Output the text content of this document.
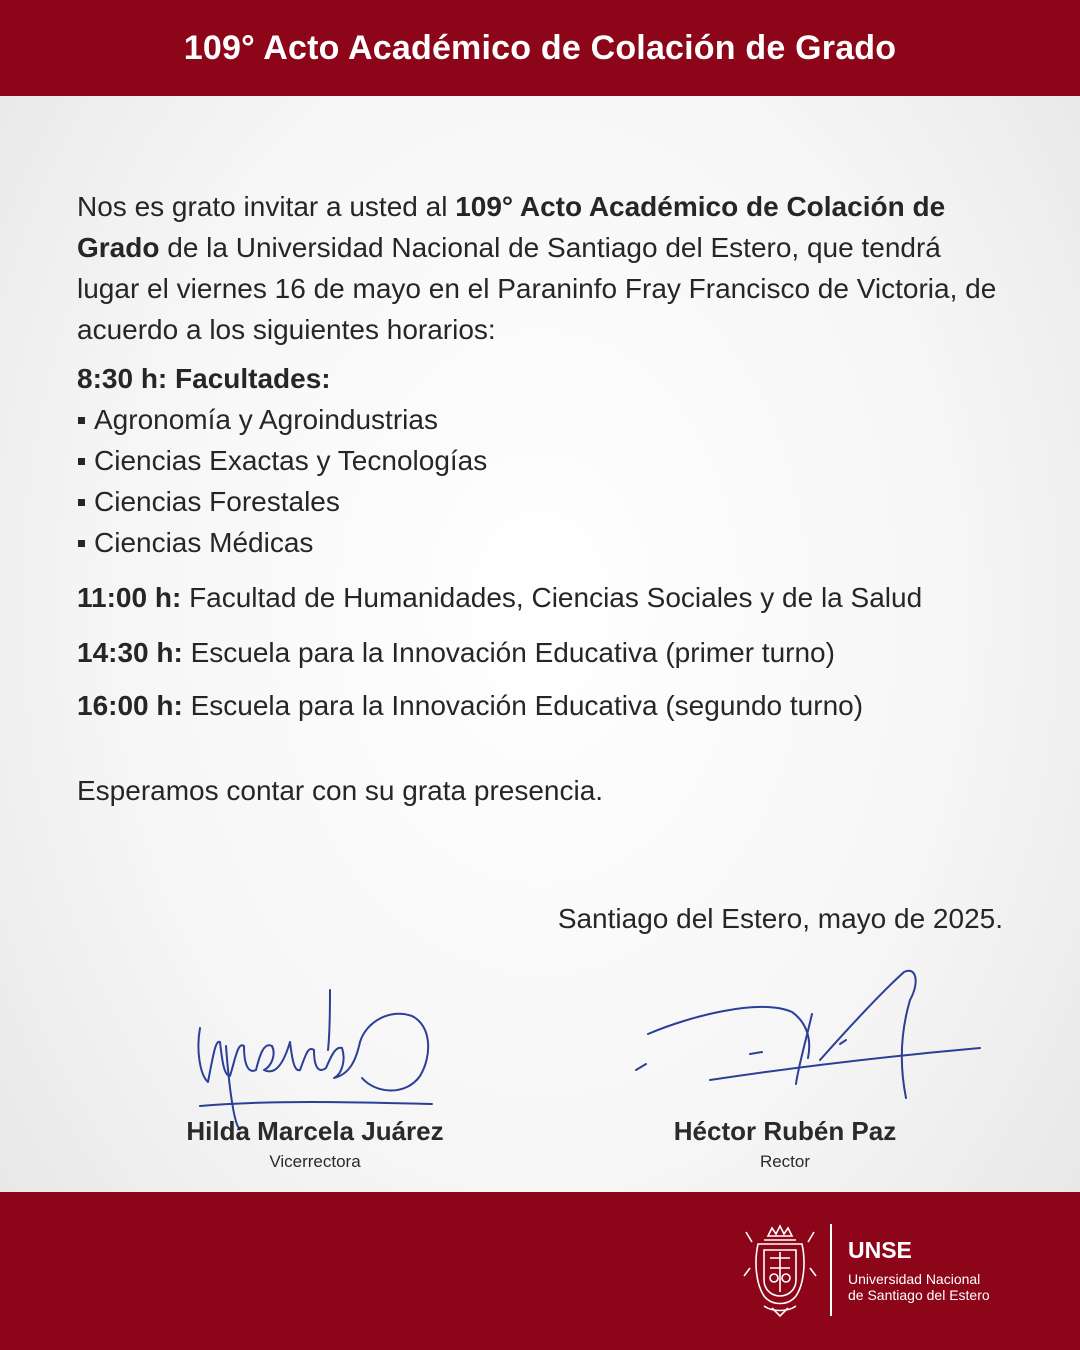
109° Acto Académico de Colación de Grado

Nos es grato invitar a usted al 109° Acto Académico de Colación de Grado de la Universidad Nacional de Santiago del Estero, que tendrá lugar el viernes 16 de mayo en el Paraninfo Fray Francisco de Victoria, de acuerdo a los siguientes horarios:

8:30 h: Facultades:

Agronomía y Agroindustrias
Ciencias Exactas y Tecnologías
Ciencias Forestales
Ciencias Médicas

11:00 h: Facultad de Humanidades, Ciencias Sociales y de la Salud

14:30 h: Escuela para la Innovación Educativa (primer turno)

16:00 h: Escuela para la Innovación Educativa (segundo turno)

Esperamos contar con su grata presencia.

Santiago del Estero, mayo de 2025.
Hilda Marcela Juárez
Vicerrectora
Héctor Rubén Paz
Rector
UNSE
Universidad Nacional
de Santiago del Estero
